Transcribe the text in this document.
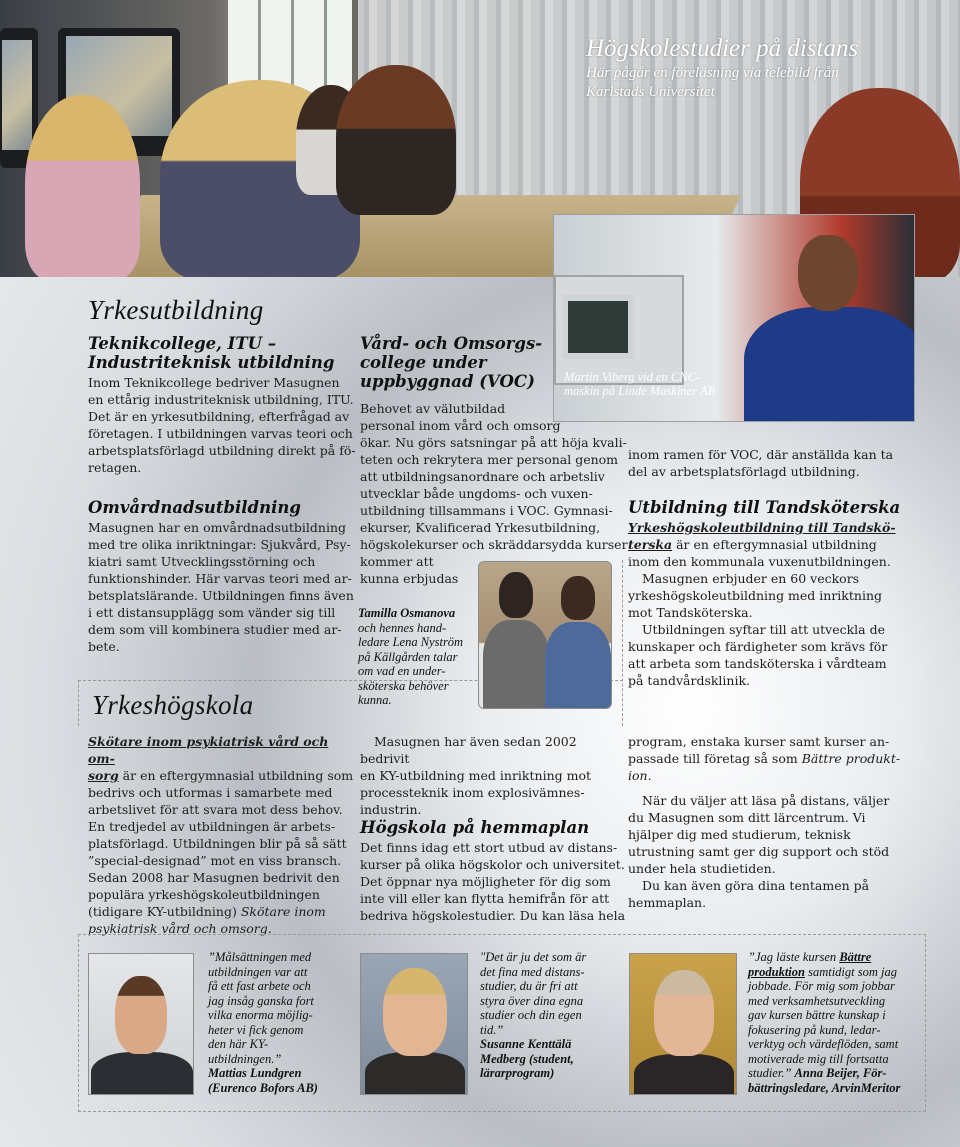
Högskolestudier på distans
Här pågår en föreläsning via telebild från
Karlstads Universitet
Martin Viberg vid en CNC-
maskin på Linde Maskiner AB
Yrkesutbildning
Teknikcollege, ITU –
Industriteknisk utbildning

Inom Teknikcollege bedriver Masugnen

en ettårig industriteknisk utbildning, ITU.

Det är en yrkesutbildning, efterfrågad av

företagen. I utbildningen varvas teori och

arbetsplatsförlagd utbildning direkt på fö-

retagen.

Omvårdnadsutbildning

Masugnen har en omvårdnadsutbildning

med tre olika inriktningar: Sjukvård, Psy-

kiatri samt Utvecklingsstörning och

funktionshinder. Här varvas teori med ar-

betsplatslärande. Utbildningen finns även

i ett distansupplägg som vänder sig till

dem som vill kombinera studier med ar-

bete.

Yrkeshögskola

Skötare inom psykiatrisk vård och om-

sorg är en eftergymnasial utbildning som

bedrivs och utformas i samarbete med

arbetslivet för att svara mot dess behov.

En tredjedel av utbildningen är arbets-

platsförlagd. Utbildningen blir på så sätt

”special-designad” mot en viss bransch.

Sedan 2008 har Masugnen bedrivit den

populära yrkeshögskoleutbildningen

(tidigare KY-utbildning) Skötare inom

psykiatrisk vård och omsorg.

Vård- och Omsorgs-
college under
uppbyggnad (VOC)

Behovet av välutbildad

personal inom vård och omsorg

ökar. Nu görs satsningar på att höja kvali-

teten och rekrytera mer personal genom

att utbildningsanordnare och arbetsliv

utvecklar både ungdoms- och vuxen-

utbildning tillsammans i VOC. Gymnasi-

ekurser, Kvalificerad Yrkesutbildning,

högskolekurser och skräddarsydda kurser

kommer att

kunna erbjudas

Tamilla Osmanova
och hennes hand-
ledare Lena Nyström
på Källgården talar
om vad en under-
sköterska behöver
kunna.

inom ramen för VOC, där anställda kan ta

del av arbetsplatsförlagd utbildning.

Utbildning till Tandsköterska

Yrkeshögskoleutbildning till Tandskö-

terska är en eftergymnasial utbildning

inom den kommunala vuxenutbildningen.

Masugnen erbjuder en 60 veckors

yrkeshögskoleutbildning med inriktning

mot Tandsköterska.

Utbildningen syftar till att utveckla de

kunskaper och färdigheter som krävs för

att arbeta som tandsköterska i vårdteam

på tandvårdsklinik.

Masugnen har även sedan 2002 bedrivit

en KY-utbildning med inriktning mot

processteknik inom explosivämnes-

industrin.

Högskola på hemmaplan

Det finns idag ett stort utbud av distans-

kurser på olika högskolor och universitet.

Det öppnar nya möjligheter för dig som

inte vill eller kan flytta hemifrån för att

bedriva högskolestudier. Du kan läsa hela

program, enstaka kurser samt kurser an-

passade till företag så som Bättre produkt-

ion.

När du väljer att läsa på distans, väljer

du Masugnen som ditt lärcentrum. Vi

hjälper dig med studierum, teknisk

utrustning samt ger dig support och stöd

under hela studietiden.

Du kan även göra dina tentamen på

hemmaplan.

”Målsättningen med
utbildningen var att
få ett fast arbete och
jag insåg ganska fort
vilka enorma möjlig-
heter vi fick genom
den här KY-
utbildningen.”
Mattias Lundgren
(Eurenco Bofors AB)
"Det är ju det som är
det fina med distans-
studier, du är fri att
styra över dina egna
studier och din egen
tid.”
Susanne Kenttälä
Medberg (student,
lärarprogram)
”Jag läste kursen Bättre
produktion samtidigt som jag
jobbade. För mig som jobbar
med verksamhetsutveckling
gav kursen bättre kunskap i
fokusering på kund, ledar-
verktyg och värdeflöden, samt
motiverade mig till fortsatta
studier.” Anna Beijer, För-
bättringsledare, ArvinMeritor
